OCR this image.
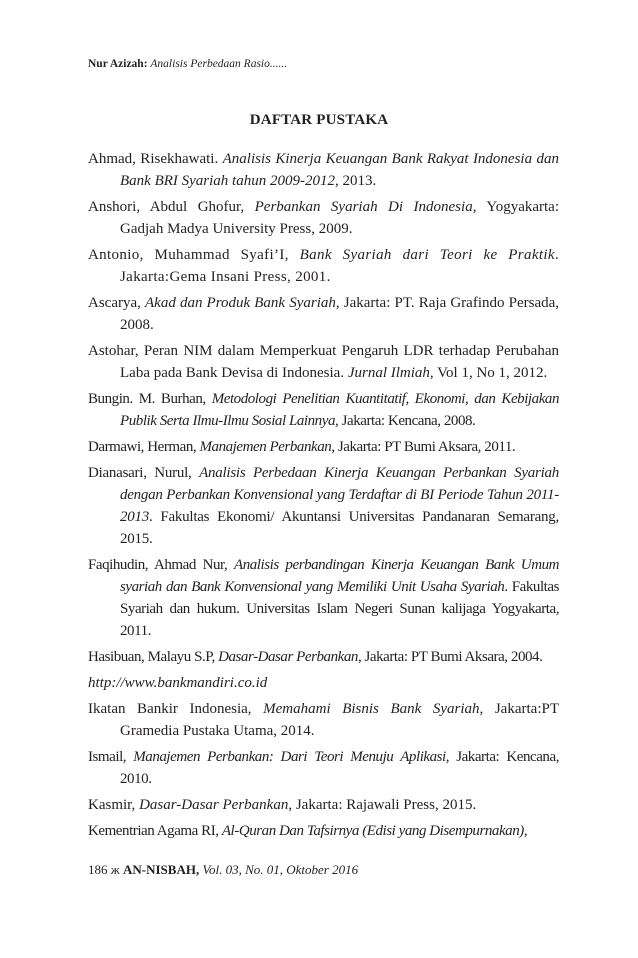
Nur Azizah: Analisis Perbedaan Rasio......
DAFTAR PUSTAKA
Ahmad, Risekhawati. Analisis Kinerja Keuangan Bank Rakyat Indonesia dan Bank BRI Syariah tahun 2009-2012, 2013.
Anshori, Abdul Ghofur, Perbankan Syariah Di Indonesia, Yogyakarta: Gadjah Madya University Press, 2009.
Antonio, Muhammad Syafi’I, Bank Syariah dari Teori ke Praktik. Jakarta:Gema Insani Press, 2001.
Ascarya, Akad dan Produk Bank Syariah, Jakarta: PT. Raja Grafindo Persada, 2008.
Astohar, Peran NIM dalam Memperkuat Pengaruh LDR terhadap Perubahan Laba pada Bank Devisa di Indonesia. Jurnal Ilmiah, Vol 1, No 1, 2012.
Bungin. M. Burhan, Metodologi Penelitian Kuantitatif, Ekonomi, dan Kebijakan Publik Serta Ilmu-Ilmu Sosial Lainnya, Jakarta: Kencana, 2008.
Darmawi, Herman, Manajemen Perbankan, Jakarta: PT Bumi Aksara, 2011.
Dianasari, Nurul, Analisis Perbedaan Kinerja Keuangan Perbankan Syariah dengan Perbankan Konvensional yang Terdaftar di BI Periode Tahun 2011-2013. Fakultas Ekonomi/ Akuntansi Universitas Pandanaran Semarang, 2015.
Faqihudin, Ahmad Nur, Analisis perbandingan Kinerja Keuangan Bank Umum syariah dan Bank Konvensional yang Memiliki Unit Usaha Syariah. Fakultas Syariah dan hukum. Universitas Islam Negeri Sunan kalijaga Yogyakarta, 2011.
Hasibuan, Malayu S.P, Dasar-Dasar Perbankan, Jakarta: PT Bumi Aksara, 2004.
http://www.bankmandiri.co.id
Ikatan Bankir Indonesia, Memahami Bisnis Bank Syariah, Jakarta:PT Gramedia Pustaka Utama, 2014.
Ismail, Manajemen Perbankan: Dari Teori Menuju Aplikasi, Jakarta: Kencana, 2010.
Kasmir, Dasar-Dasar Perbankan, Jakarta: Rajawali Press, 2015.
Kementrian Agama RI, Al-Quran Dan Tafsirnya (Edisi yang Disempurnakan),
186 ж AN-NISBAH, Vol. 03, No. 01, Oktober 2016
